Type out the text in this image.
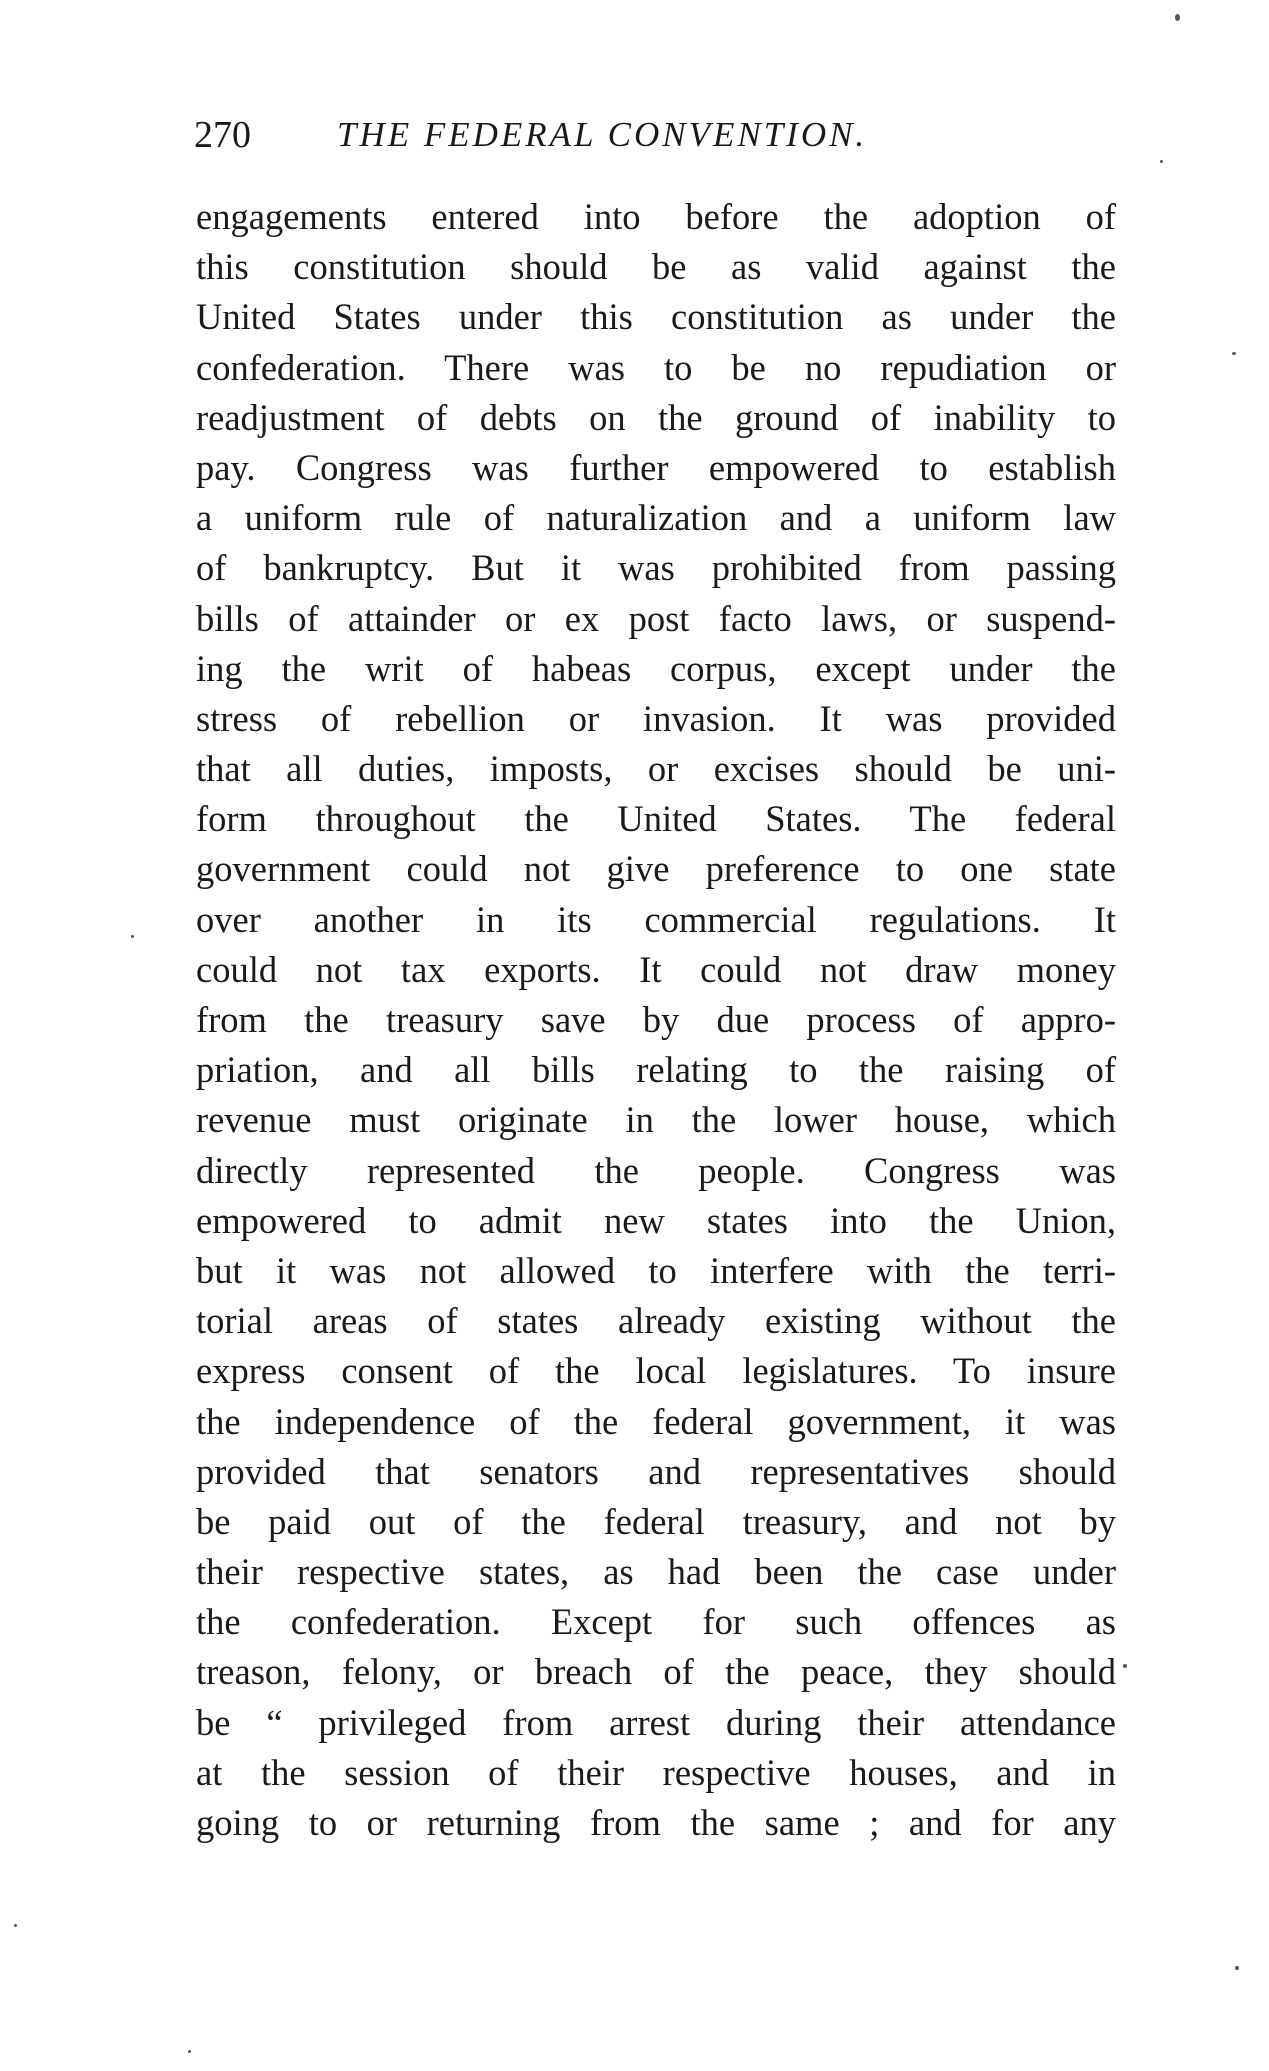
270 THE FEDERAL CONVENTION.
engagements entered into before the adoption of
this constitution should be as valid against the
United States under this constitution as under the
confederation. There was to be no repudiation or
readjustment of debts on the ground of inability to
pay. Congress was further empowered to establish
a uniform rule of naturalization and a uniform law
of bankruptcy. But it was prohibited from passing
bills of attainder or ex post facto laws, or suspend-
ing the writ of habeas corpus, except under the
stress of rebellion or invasion. It was provided
that all duties, imposts, or excises should be uni-
form throughout the United States. The federal
government could not give preference to one state
over another in its commercial regulations. It
could not tax exports. It could not draw money
from the treasury save by due process of appro-
priation, and all bills relating to the raising of
revenue must originate in the lower house, which
directly represented the people. Congress was
empowered to admit new states into the Union,
but it was not allowed to interfere with the terri-
torial areas of states already existing without the
express consent of the local legislatures. To insure
the independence of the federal government, it was
provided that senators and representatives should
be paid out of the federal treasury, and not by
their respective states, as had been the case under
the confederation. Except for such offences as
treason, felony, or breach of the peace, they should
be “ privileged from arrest during their attendance
at the session of their respective houses, and in
going to or returning from the same ; and for any
